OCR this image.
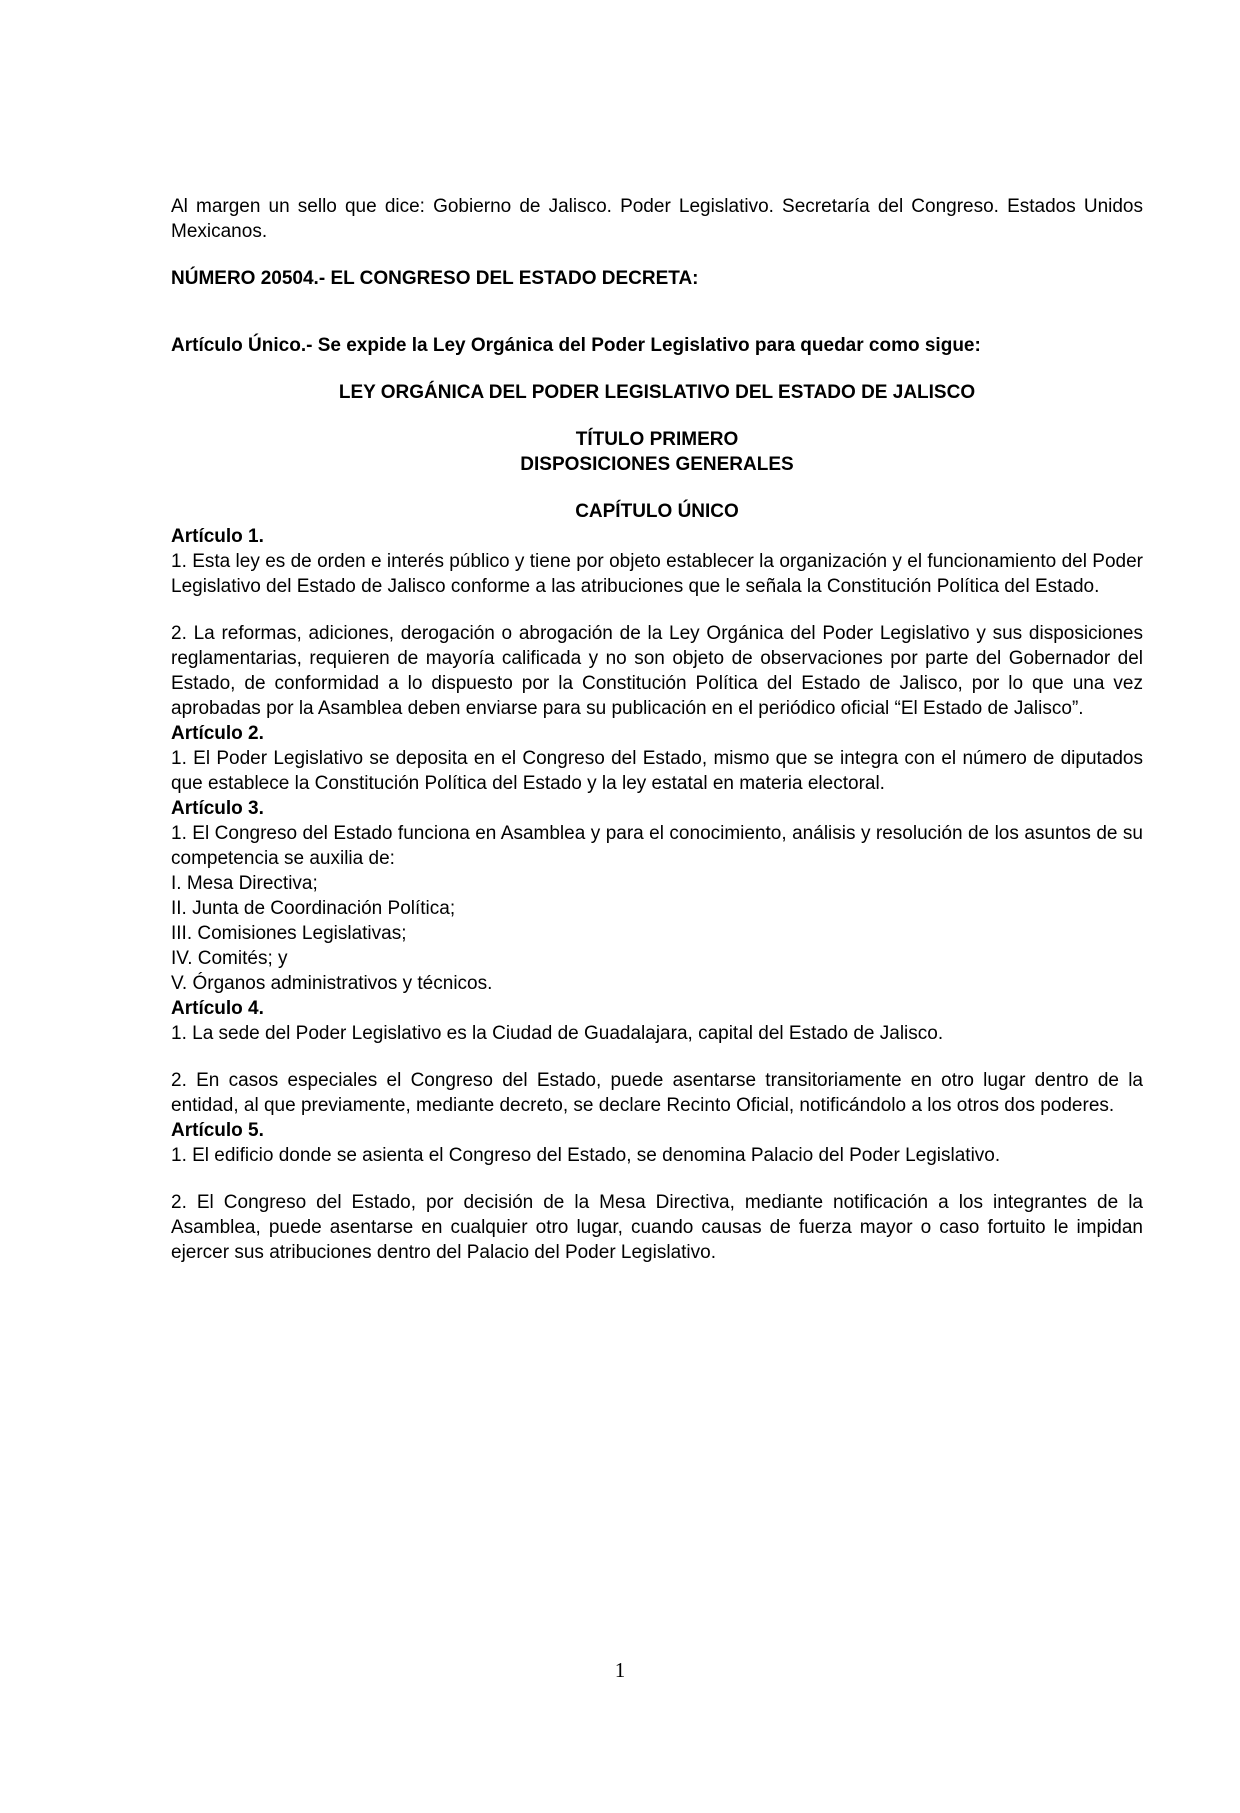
Al margen un sello que dice: Gobierno de Jalisco. Poder Legislativo. Secretaría del Congreso. Estados Unidos Mexicanos.

NÚMERO 20504.- EL CONGRESO DEL ESTADO DECRETA:

Artículo Único.- Se expide la Ley Orgánica del Poder Legislativo para quedar como sigue:

LEY ORGÁNICA DEL PODER LEGISLATIVO DEL ESTADO DE JALISCO

TÍTULO PRIMERO

DISPOSICIONES GENERALES

CAPÍTULO ÚNICO

Artículo 1.

1. Esta ley es de orden e interés público y tiene por objeto establecer la organización y el funcionamiento del Poder Legislativo del Estado de Jalisco conforme a las atribuciones que le señala la Constitución Política del Estado.

2. La reformas, adiciones, derogación o abrogación de la Ley Orgánica del Poder Legislativo y sus disposiciones reglamentarias, requieren de mayoría calificada y no son objeto de observaciones por parte del Gobernador del Estado, de conformidad a lo dispuesto por la Constitución Política del Estado de Jalisco, por lo que una vez aprobadas por la Asamblea deben enviarse para su publicación en el periódico oficial “El Estado de Jalisco”.

Artículo 2.

1. El Poder Legislativo se deposita en el Congreso del Estado, mismo que se integra con el número de diputados que establece la Constitución Política del Estado y la ley estatal en materia electoral.

Artículo 3.

1. El Congreso del Estado funciona en Asamblea y para el conocimiento, análisis y resolución de los asuntos de su competencia se auxilia de:

I. Mesa Directiva;

II. Junta de Coordinación Política;

III. Comisiones Legislativas;

IV. Comités; y

V. Órganos administrativos y técnicos.

Artículo 4.

1. La sede del Poder Legislativo es la Ciudad de Guadalajara, capital del Estado de Jalisco.

2. En casos especiales el Congreso del Estado, puede asentarse transitoriamente en otro lugar dentro de la entidad, al que previamente, mediante decreto, se declare Recinto Oficial, notificándolo a los otros dos poderes.

Artículo 5.

1. El edificio donde se asienta el Congreso del Estado, se denomina Palacio del Poder Legislativo.

2. El Congreso del Estado, por decisión de la Mesa Directiva, mediante notificación a los integrantes de la Asamblea, puede asentarse en cualquier otro lugar, cuando causas de fuerza mayor o caso fortuito le impidan ejercer sus atribuciones dentro del Palacio del Poder Legislativo.

1
